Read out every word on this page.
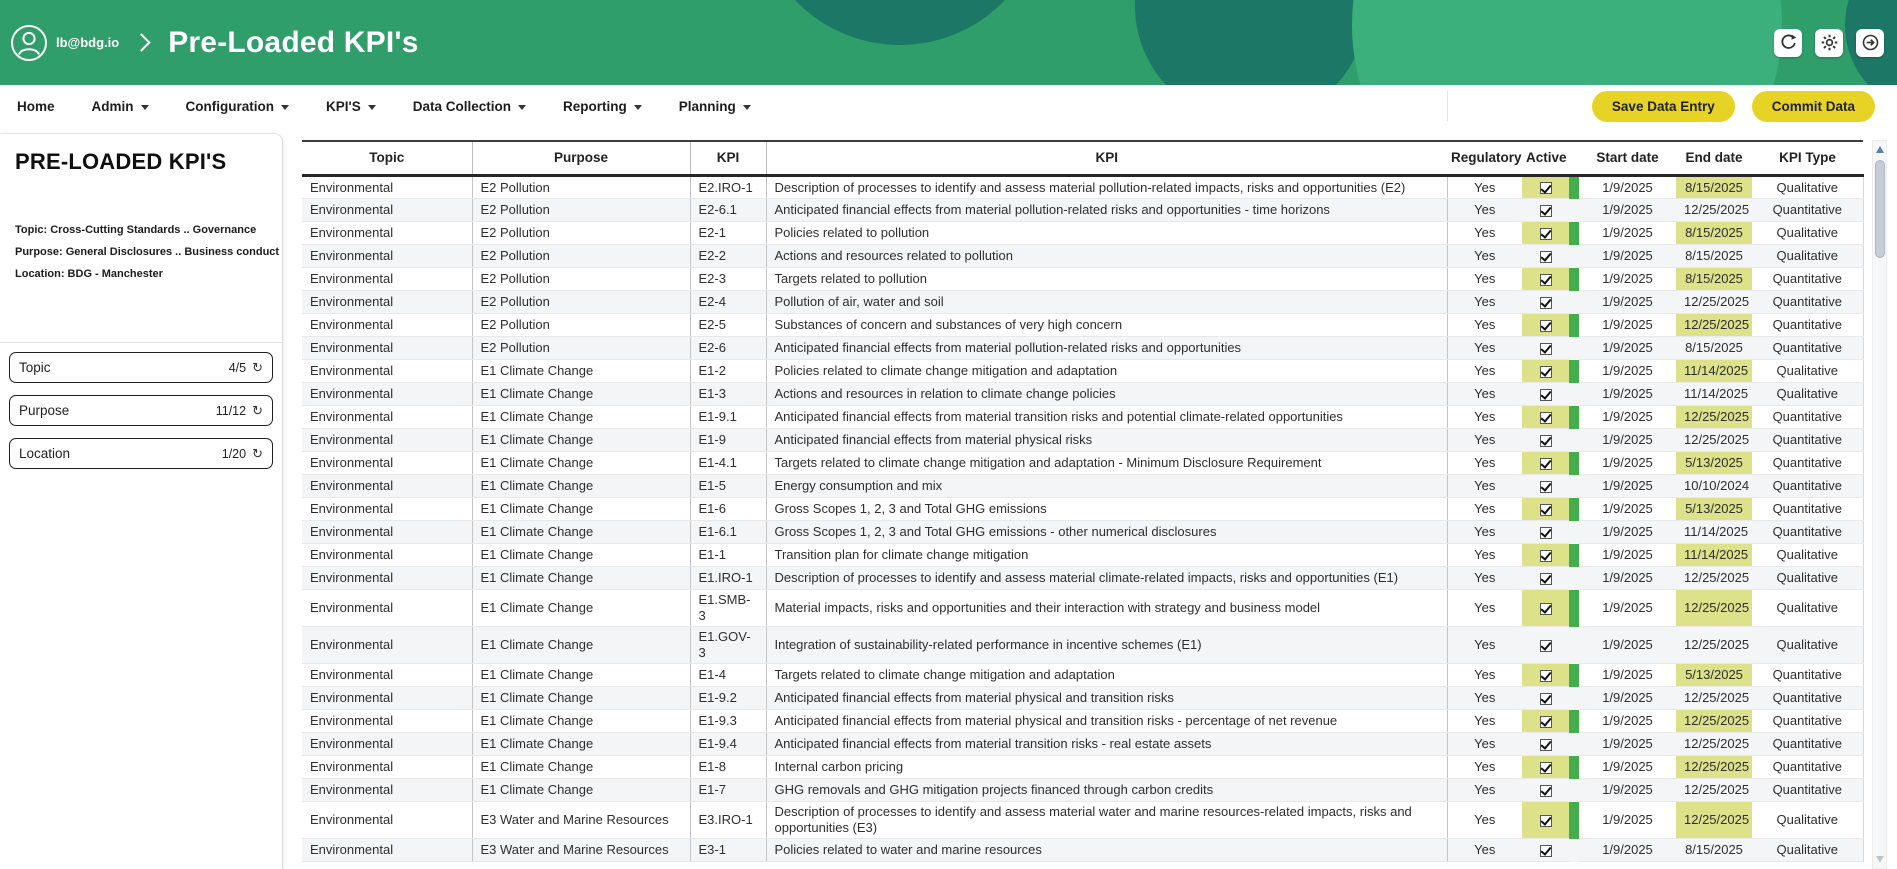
lb@bdg.io Pre-Loaded KPI's
Home	Admin	Configuration	KPI'S	Data Collection	Reporting	Planning	Save Data Entry	Commit Data
PRE-LOADED KPI'S
Topic: Cross-Cutting Standards .. Governance
Purpose: General Disclosures .. Business conduct
Location: BDG - Manchester
Topic	4/5 ↻
Purpose	11/12 ↻
Location	1/20 ↻
Topic	Purpose	KPI	KPI	Regulatory	Active		Start date	End date	KPI Type
Environmental	E2 Pollution	E2.IRO-1	Description of processes to identify and assess material pollution-related impacts, risks and opportunities (E2)	Yes			1/9/2025	8/15/2025	Qualitative
Environmental	E2 Pollution	E2-6.1	Anticipated financial effects from material pollution-related risks and opportunities - time horizons	Yes			1/9/2025	12/25/2025	Quantitative
Environmental	E2 Pollution	E2-1	Policies related to pollution	Yes			1/9/2025	8/15/2025	Qualitative
Environmental	E2 Pollution	E2-2	Actions and resources related to pollution	Yes			1/9/2025	8/15/2025	Qualitative
Environmental	E2 Pollution	E2-3	Targets related to pollution	Yes			1/9/2025	8/15/2025	Quantitative
Environmental	E2 Pollution	E2-4	Pollution of air, water and soil	Yes			1/9/2025	12/25/2025	Quantitative
Environmental	E2 Pollution	E2-5	Substances of concern and substances of very high concern	Yes			1/9/2025	12/25/2025	Quantitative
Environmental	E2 Pollution	E2-6	Anticipated financial effects from material pollution-related risks and opportunities	Yes			1/9/2025	8/15/2025	Quantitative
Environmental	E1 Climate Change	E1-2	Policies related to climate change mitigation and adaptation	Yes			1/9/2025	11/14/2025	Qualitative
Environmental	E1 Climate Change	E1-3	Actions and resources in relation to climate change policies	Yes			1/9/2025	11/14/2025	Qualitative
Environmental	E1 Climate Change	E1-9.1	Anticipated financial effects from material transition risks and potential climate-related opportunities	Yes			1/9/2025	12/25/2025	Quantitative
Environmental	E1 Climate Change	E1-9	Anticipated financial effects from material physical risks	Yes			1/9/2025	12/25/2025	Quantitative
Environmental	E1 Climate Change	E1-4.1	Targets related to climate change mitigation and adaptation - Minimum Disclosure Requirement	Yes			1/9/2025	5/13/2025	Quantitative
Environmental	E1 Climate Change	E1-5	Energy consumption and mix	Yes			1/9/2025	10/10/2024	Quantitative
Environmental	E1 Climate Change	E1-6	Gross Scopes 1, 2, 3 and Total GHG emissions	Yes			1/9/2025	5/13/2025	Quantitative
Environmental	E1 Climate Change	E1-6.1	Gross Scopes 1, 2, 3 and Total GHG emissions - other numerical disclosures	Yes			1/9/2025	11/14/2025	Quantitative
Environmental	E1 Climate Change	E1-1	Transition plan for climate change mitigation	Yes			1/9/2025	11/14/2025	Qualitative
Environmental	E1 Climate Change	E1.IRO-1	Description of processes to identify and assess material climate-related impacts, risks and opportunities (E1)	Yes			1/9/2025	12/25/2025	Qualitative
Environmental	E1 Climate Change	E1.SMB-3	Material impacts, risks and opportunities and their interaction with strategy and business model	Yes			1/9/2025	12/25/2025	Qualitative
Environmental	E1 Climate Change	E1.GOV-3	Integration of sustainability-related performance in incentive schemes (E1)	Yes			1/9/2025	12/25/2025	Qualitative
Environmental	E1 Climate Change	E1-4	Targets related to climate change mitigation and adaptation	Yes			1/9/2025	5/13/2025	Quantitative
Environmental	E1 Climate Change	E1-9.2	Anticipated financial effects from material physical and transition risks	Yes			1/9/2025	12/25/2025	Quantitative
Environmental	E1 Climate Change	E1-9.3	Anticipated financial effects from material physical and transition risks - percentage of net revenue	Yes			1/9/2025	12/25/2025	Quantitative
Environmental	E1 Climate Change	E1-9.4	Anticipated financial effects from material transition risks - real estate assets	Yes			1/9/2025	12/25/2025	Quantitative
Environmental	E1 Climate Change	E1-8	Internal carbon pricing	Yes			1/9/2025	12/25/2025	Quantitative
Environmental	E1 Climate Change	E1-7	GHG removals and GHG mitigation projects financed through carbon credits	Yes			1/9/2025	12/25/2025	Quantitative
Environmental	E3 Water and Marine Resources	E3.IRO-1	Description of processes to identify and assess material water and marine resources-related impacts, risks and opportunities (E3)	Yes			1/9/2025	12/25/2025	Qualitative
Environmental	E3 Water and Marine Resources	E3-1	Policies related to water and marine resources	Yes			1/9/2025	8/15/2025	Qualitative
